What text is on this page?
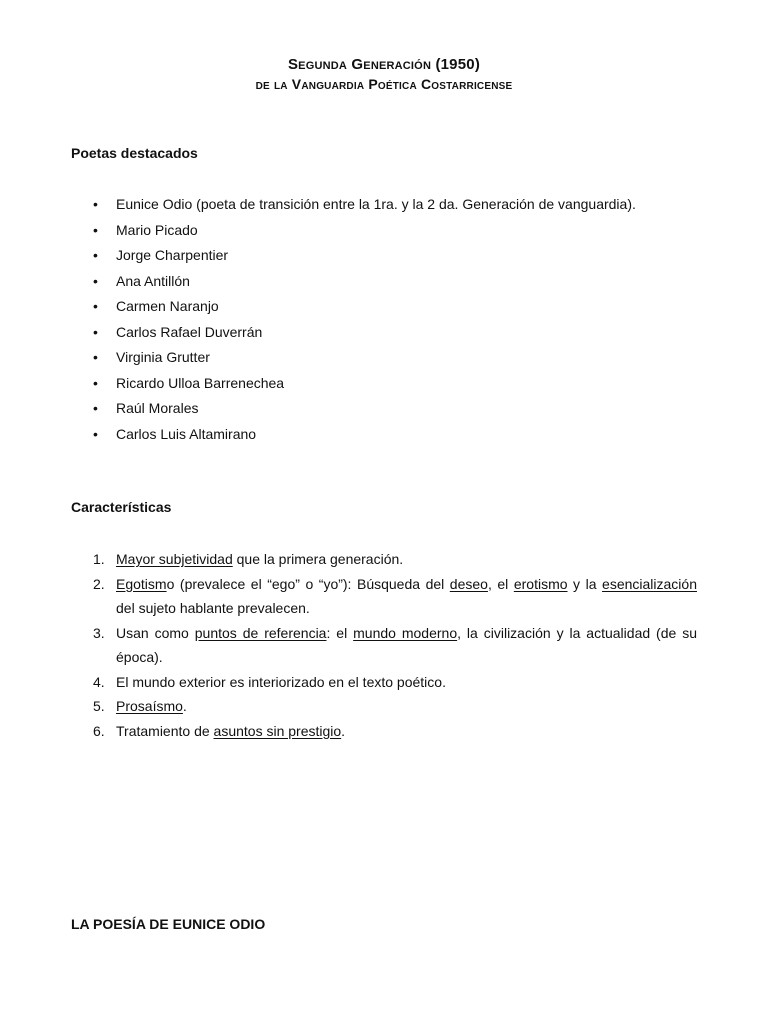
Segunda Generación (1950)
de la Vanguardia Poética Costarricense
Poetas destacados
• Eunice Odio (poeta de transición entre la 1ra. y la 2 da. Generación de vanguardia).
• Mario Picado
• Jorge Charpentier
• Ana Antillón
• Carmen Naranjo
• Carlos Rafael Duverrán
• Virginia Grutter
• Ricardo Ulloa Barrenechea
• Raúl Morales
• Carlos Luis Altamirano
Características
1. Mayor subjetividad que la primera generación.
2. Egotismo (prevalece el “ego” o “yo”): Búsqueda del deseo, el erotismo y la esencialización del sujeto hablante prevalecen.
3. Usan como puntos de referencia: el mundo moderno, la civilización y la actualidad (de su época).
4. El mundo exterior es interiorizado en el texto poético.
5. Prosaísmo.
6. Tratamiento de asuntos sin prestigio.
LA POESÍA DE EUNICE ODIO
